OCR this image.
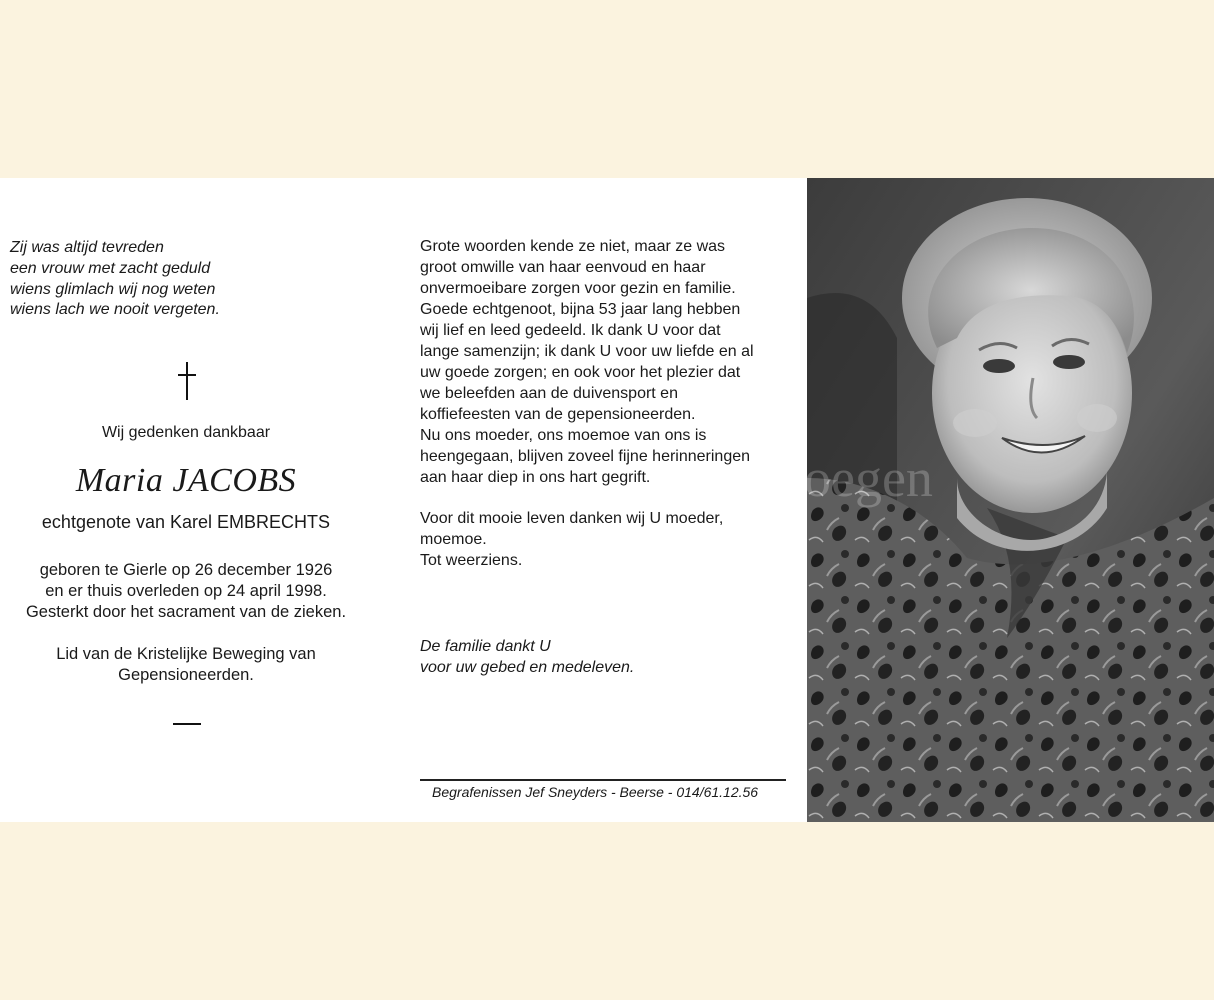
Zij was altijd tevreden
een vrouw met zacht geduld
wiens glimlach wij nog weten
wiens lach we nooit vergeten.
Wij gedenken dankbaar
Maria JACOBS
echtgenote van Karel EMBRECHTS
geboren te Gierle op 26 december 1926
en er thuis overleden op 24 april 1998.
Gesterkt door het sacrament van de zieken.
Lid van de Kristelijke Beweging van
Gepensioneerden.
Grote woorden kende ze niet, maar ze was
groot omwille van haar eenvoud en haar
onvermoeibare zorgen voor gezin en familie.
Goede echtgenoot, bijna 53 jaar lang hebben
wij lief en leed gedeeld. Ik dank U voor dat
lange samenzijn; ik dank U voor uw liefde en al
uw goede zorgen; en ook voor het plezier dat
we beleefden aan de duivensport en
koffiefeesten van de gepensioneerden.
Nu ons moeder, ons moemoe van ons is
heengegaan, blijven zoveel fijne herinneringen
aan haar diep in ons hart gegrift.
Voor dit mooie leven danken wij U moeder,
moemoe.
Tot weerziens.
De familie dankt U
voor uw gebed en medeleven.
Begrafenissen Jef Sneyders - Beerse - 014/61.12.56
hoegen
